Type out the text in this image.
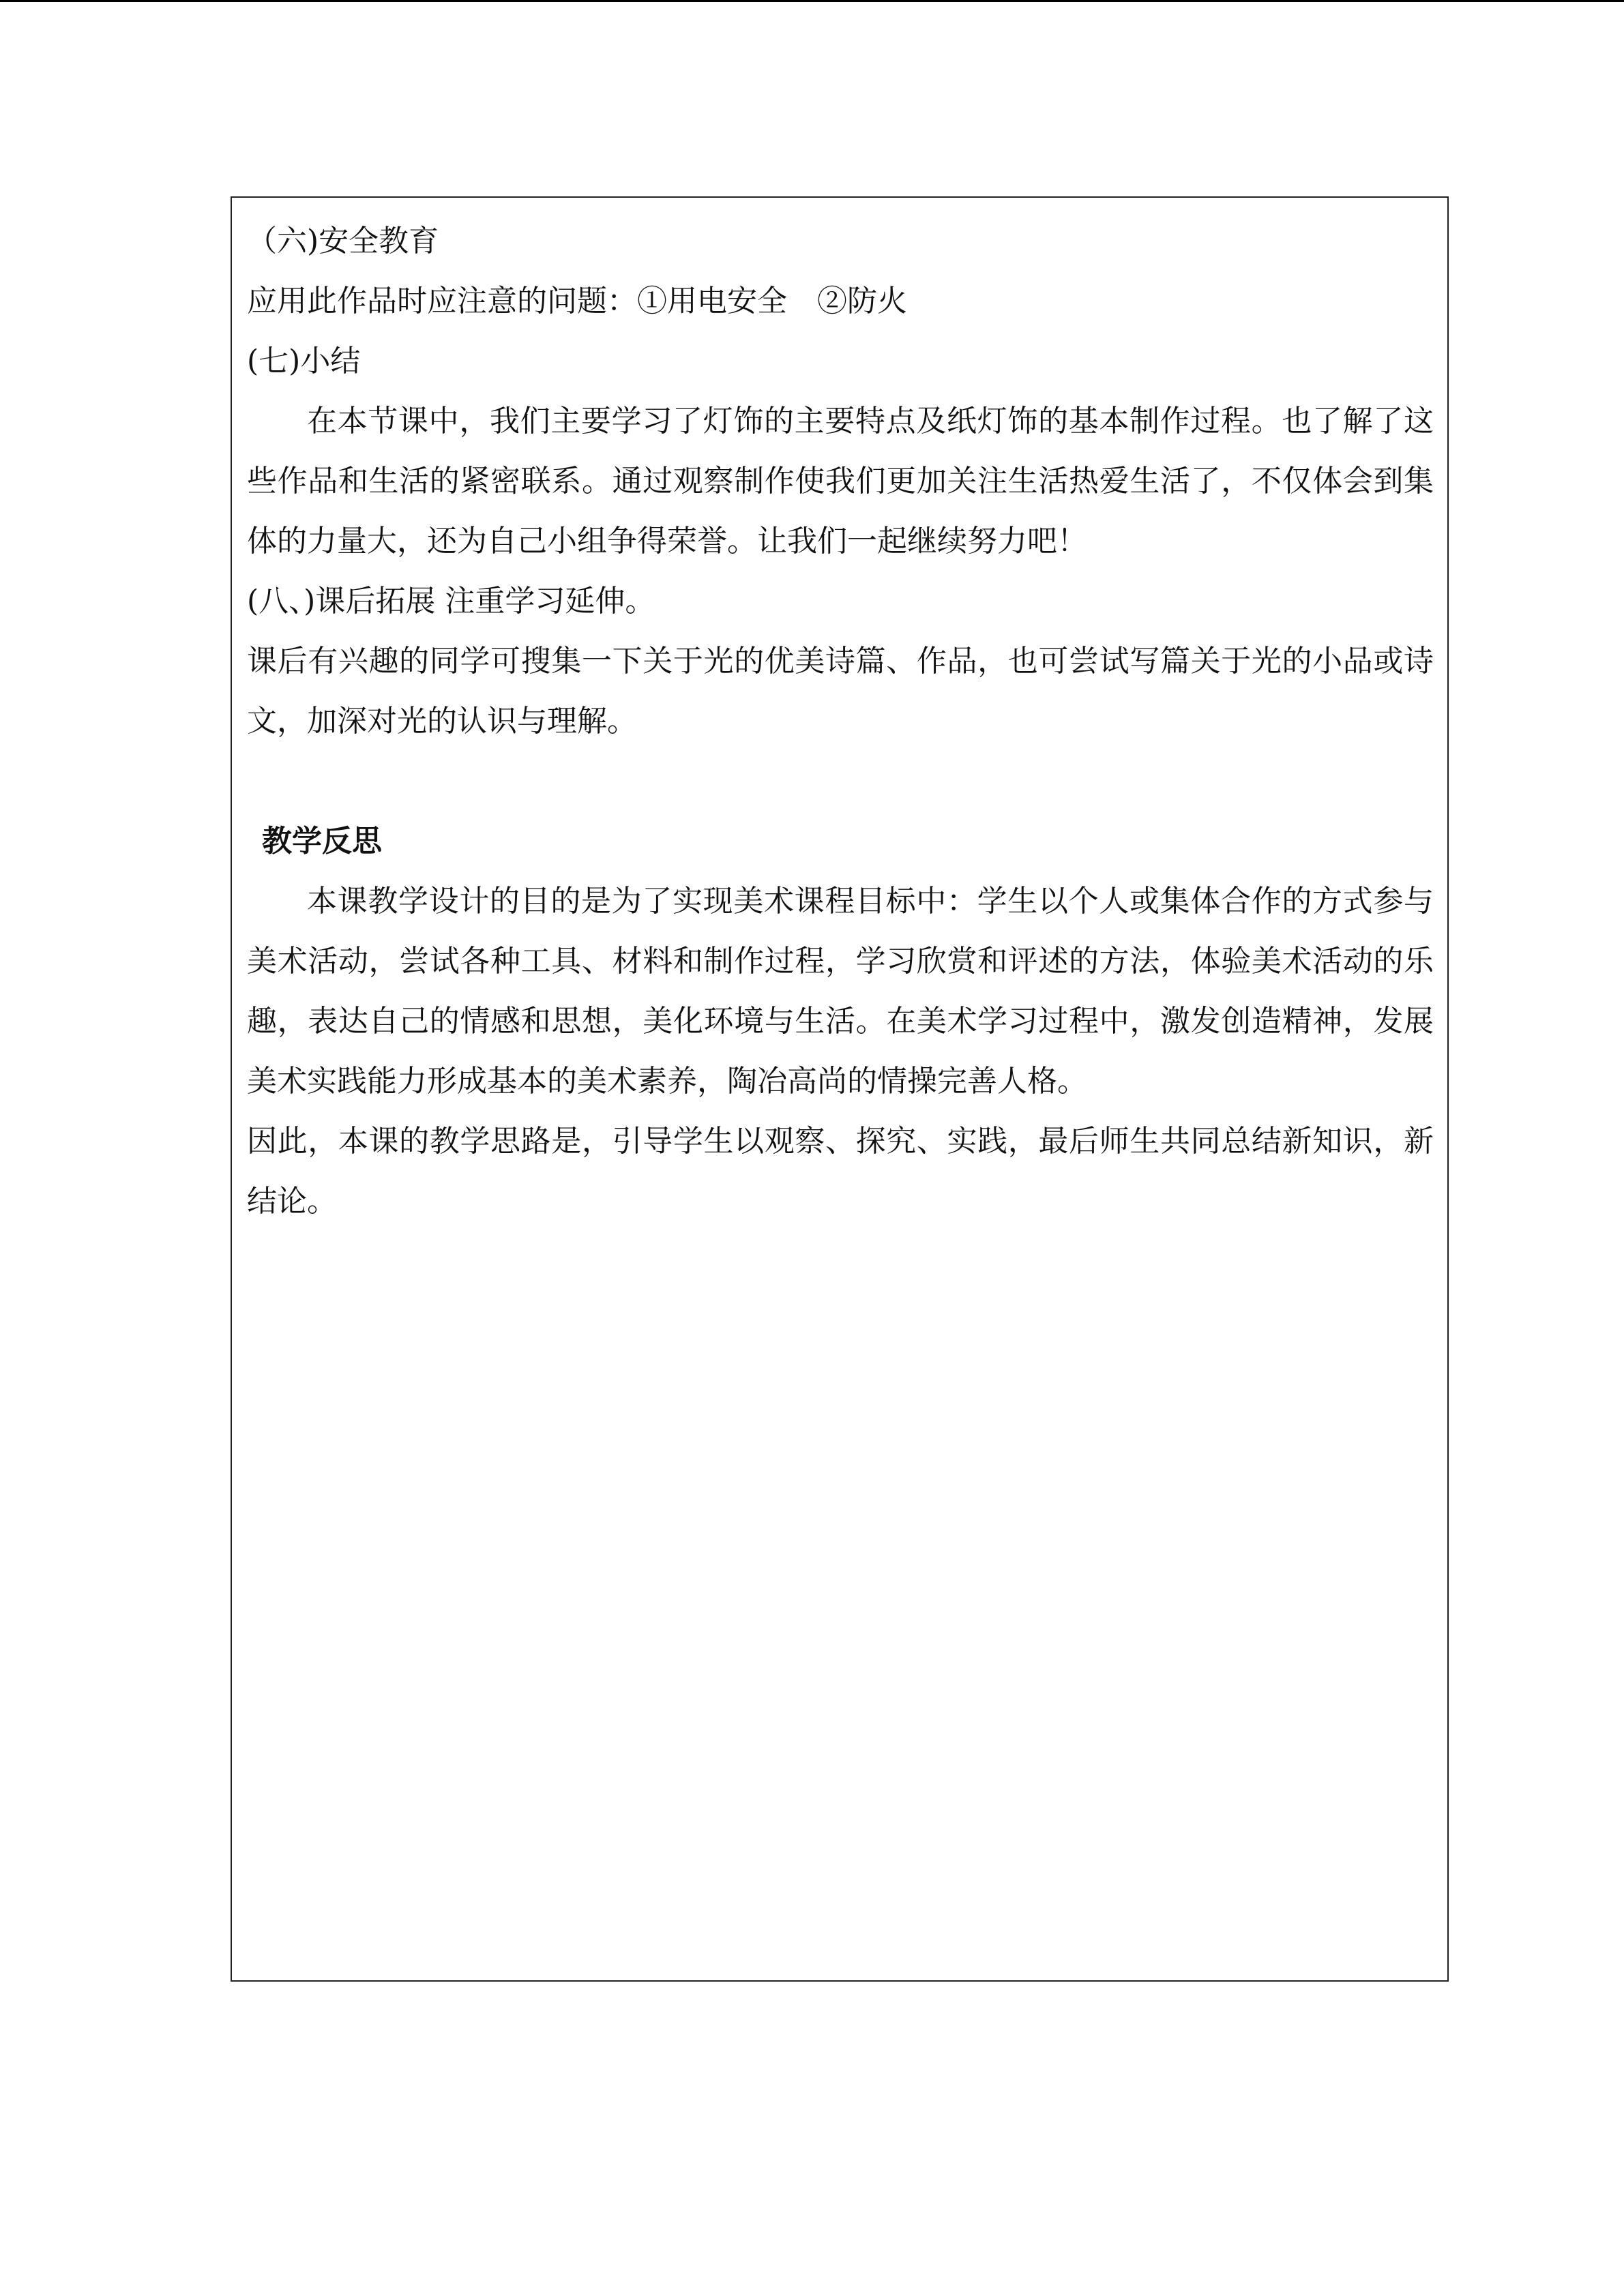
（六)安全教育
应用此作品时应注意的问题：①用电安全　②防火
(七)小结
在本节课中，我们主要学习了灯饰的主要特点及纸灯饰的基本制作过程。也了解了这些作品和生活的紧密联系。通过观察制作使我们更加关注生活热爱生活了，不仅体会到集体的力量大，还为自己小组争得荣誉。让我们一起继续努力吧！
(八、)课后拓展 注重学习延伸。
课后有兴趣的同学可搜集一下关于光的优美诗篇、作品，也可尝试写篇关于光的小品或诗文，加深对光的认识与理解。
教学反思
本课教学设计的目的是为了实现美术课程目标中：学生以个人或集体合作的方式参与美术活动，尝试各种工具、材料和制作过程，学习欣赏和评述的方法，体验美术活动的乐趣，表达自己的情感和思想，美化环境与生活。在美术学习过程中，激发创造精神，发展美术实践能力形成基本的美术素养，陶冶高尚的情操完善人格。
因此，本课的教学思路是，引导学生以观察、探究、实践，最后师生共同总结新知识，新结论。
